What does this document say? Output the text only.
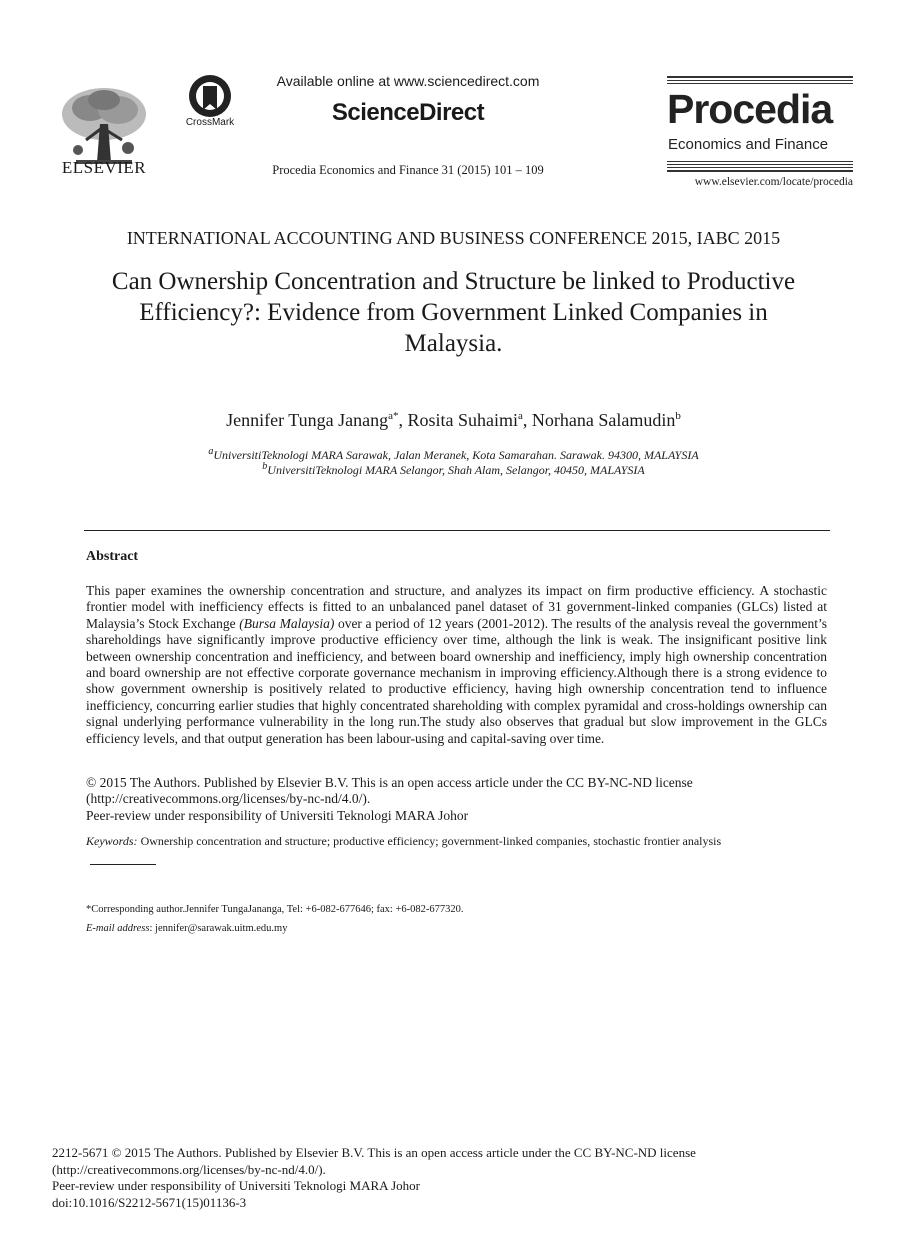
ELSEVIER
CrossMark
Available online at www.sciencedirect.com
ScienceDirect
Procedia Economics and Finance 31 (2015) 101 – 109
Procedia
Economics and Finance
www.elsevier.com/locate/procedia
INTERNATIONAL ACCOUNTING AND BUSINESS CONFERENCE 2015, IABC 2015
Can Ownership Concentration and Structure be linked to Productive
Efficiency?: Evidence from Government Linked Companies in
Malaysia.
Jennifer Tunga Janang$^{a*}$, Rosita Suhaimi$^a$, Norhana Salamudin$^b$
$^a$UniversitiTeknologi MARA Sarawak, Jalan Meranek, Kota Samarahan. Sarawak. 94300, MALAYSIA
$^b$UniversitiTeknologi MARA Selangor, Shah Alam, Selangor, 40450, MALAYSIA
Abstract
This paper examines the ownership concentration and structure, and analyzes its impact on firm productive efficiency. A stochastic frontier model with inefficiency effects is fitted to an unbalanced panel dataset of 31 government-linked companies (GLCs) listed at Malaysia’s Stock Exchange (Bursa Malaysia) over a period of 12 years (2001-2012). The results of the analysis reveal the government’s shareholdings have significantly improve productive efficiency over time, although the link is weak. The insignificant positive link between ownership concentration and inefficiency, and between board ownership and inefficiency, imply high ownership concentration and board ownership are not effective corporate governance mechanism in improving efficiency.Although there is a strong evidence to show government ownership is positively related to productive efficiency, having high ownership concentration tend to influence inefficiency, concurring earlier studies that highly concentrated shareholding with complex pyramidal and cross-holdings ownership can signal underlying performance vulnerability in the long run.The study also observes that gradual but slow improvement in the GLCs efficiency levels, and that output generation has been labour-using and capital-saving over time.
© 2015 The Authors. Published by Elsevier B.V. This is an open access article under the CC BY-NC-ND license
(http://creativecommons.org/licenses/by-nc-nd/4.0/).
Peer-review under responsibility of Universiti Teknologi MARA Johor
Keywords: Ownership concentration and structure; productive efficiency; government-linked companies, stochastic frontier analysis
*Corresponding author.Jennifer TungaJananga, Tel: +6-082-677646; fax: +6-082-677320.
E-mail address: jennifer@sarawak.uitm.edu.my
2212-5671 © 2015 The Authors. Published by Elsevier B.V. This is an open access article under the CC BY-NC-ND license
(http://creativecommons.org/licenses/by-nc-nd/4.0/).
Peer-review under responsibility of Universiti Teknologi MARA Johor
doi:10.1016/S2212-5671(15)01136-3
